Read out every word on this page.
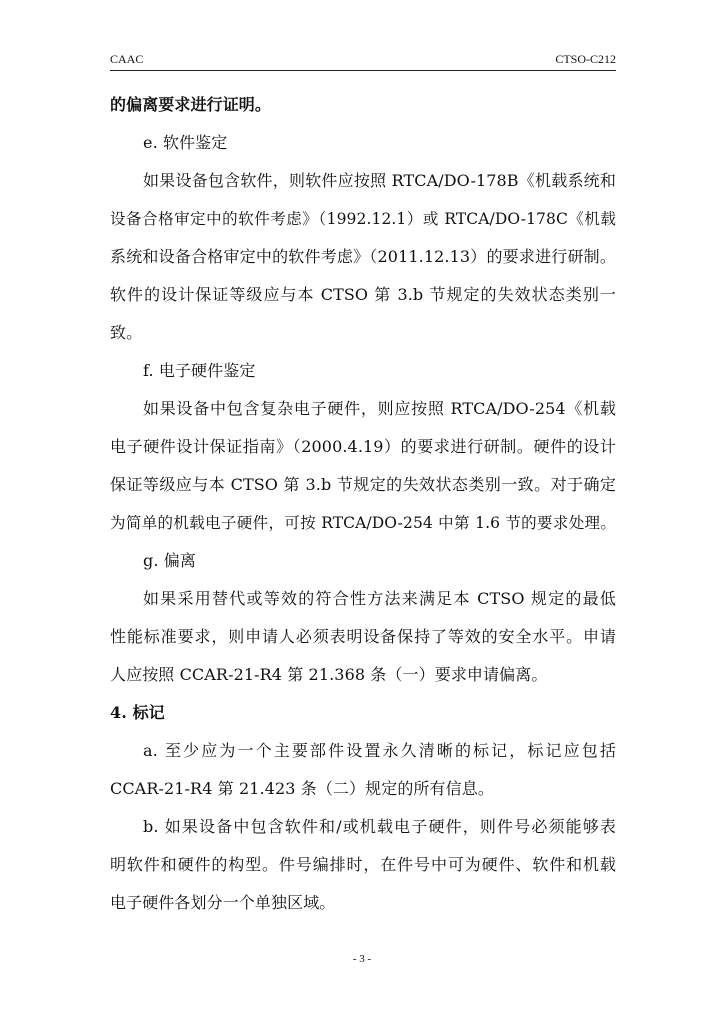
CAAC	CTSO-C212
的偏离要求进行证明。
e. 软件鉴定
如果设备包含软件，则软件应按照 RTCA/DO-178B《机载系统和
设备合格审定中的软件考虑》（1992.12.1）或 RTCA/DO-178C《机载
系统和设备合格审定中的软件考虑》（2011.12.13）的要求进行研制。
软件的设计保证等级应与本 CTSO 第 3.b 节规定的失效状态类别一
致。
f. 电子硬件鉴定
如果设备中包含复杂电子硬件，则应按照 RTCA/DO-254《机载
电子硬件设计保证指南》（2000.4.19）的要求进行研制。硬件的设计
保证等级应与本 CTSO 第 3.b 节规定的失效状态类别一致。对于确定
为简单的机载电子硬件，可按 RTCA/DO-254 中第 1.6 节的要求处理。
g. 偏离
如果采用替代或等效的符合性方法来满足本 CTSO 规定的最低
性能标准要求，则申请人必须表明设备保持了等效的安全水平。申请
人应按照 CCAR-21-R4 第 21.368 条（一）要求申请偏离。
4. 标记
a. 至少应为一个主要部件设置永久清晰的标记，标记应包括
CCAR-21-R4 第 21.423 条（二）规定的所有信息。
b. 如果设备中包含软件和/或机载电子硬件，则件号必须能够表
明软件和硬件的构型。件号编排时，在件号中可为硬件、软件和机载
电子硬件各划分一个单独区域。
- 3 -
